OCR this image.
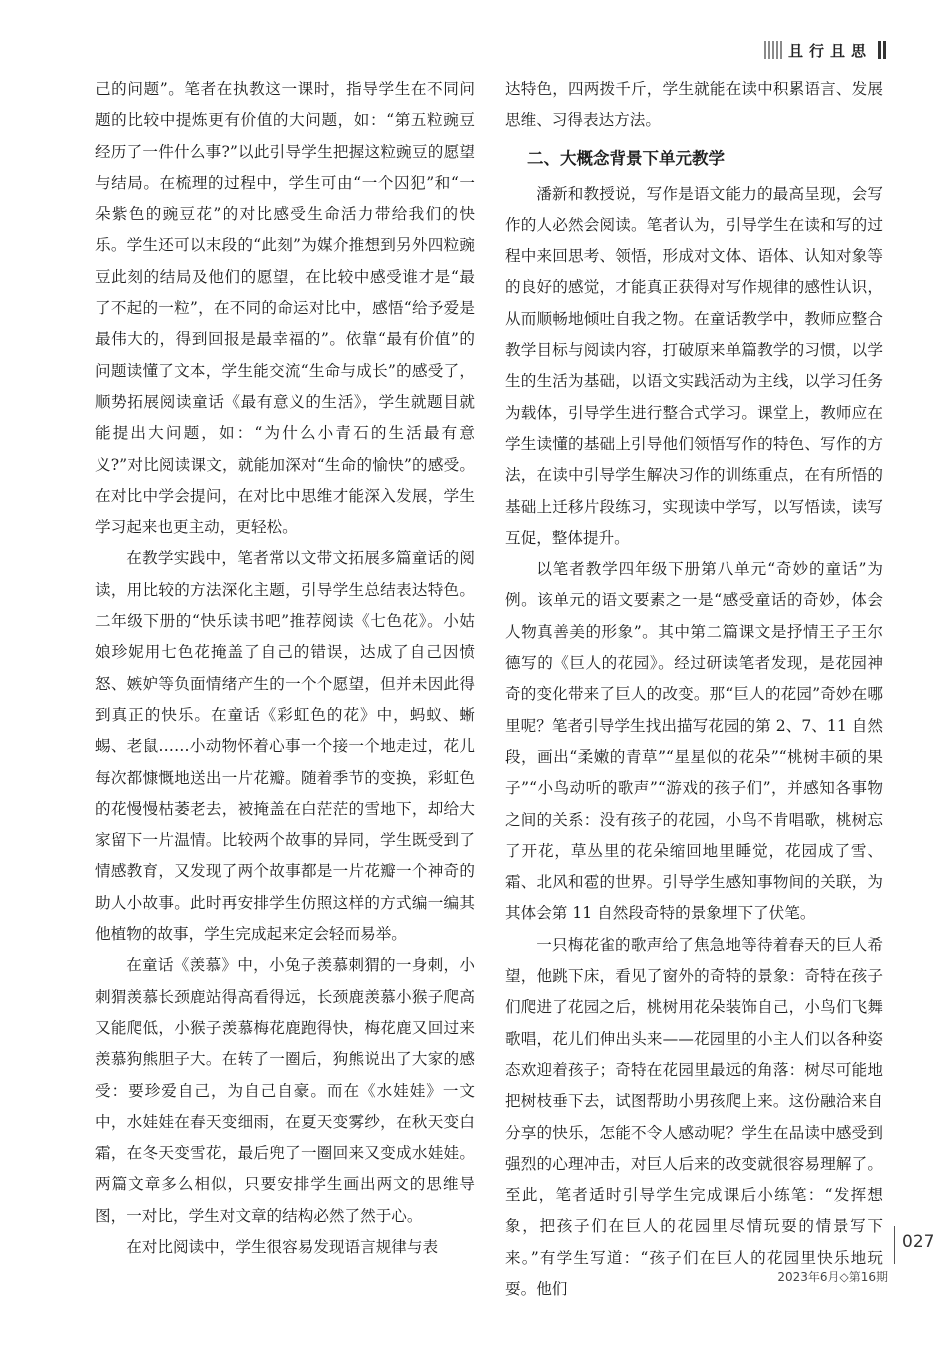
且行且思

己的问题”。笔者在执教这一课时，指导学生在不同问题的比较中提炼更有价值的大问题，如：“第五粒豌豆经历了一件什么事?”以此引导学生把握这粒豌豆的愿望与结局。在梳理的过程中，学生可由“一个囚犯”和“一朵紫色的豌豆花”的对比感受生命活力带给我们的快乐。学生还可以末段的“此刻”为媒介推想到另外四粒豌豆此刻的结局及他们的愿望，在比较中感受谁才是“最了不起的一粒”，在不同的命运对比中，感悟“给予爱是最伟大的，得到回报是最幸福的”。依靠“最有价值”的问题读懂了文本，学生能交流“生命与成长”的感受了，顺势拓展阅读童话《最有意义的生活》，学生就题目就能提出大问题，如：“为什么小青石的生活最有意义?”对比阅读课文，就能加深对“生命的愉快”的感受。在对比中学会提问，在对比中思维才能深入发展，学生学习起来也更主动，更轻松。

在教学实践中，笔者常以文带文拓展多篇童话的阅读，用比较的方法深化主题，引导学生总结表达特色。二年级下册的“快乐读书吧”推荐阅读《七色花》。小姑娘珍妮用七色花掩盖了自己的错误，达成了自己因愤怒、嫉妒等负面情绪产生的一个个愿望，但并未因此得到真正的快乐。在童话《彩虹色的花》中，蚂蚁、蜥蜴、老鼠……小动物怀着心事一个接一个地走过，花儿每次都慷慨地送出一片花瓣。随着季节的变换，彩虹色的花慢慢枯萎老去，被掩盖在白茫茫的雪地下，却给大家留下一片温情。比较两个故事的异同，学生既受到了情感教育，又发现了两个故事都是一片花瓣一个神奇的助人小故事。此时再安排学生仿照这样的方式编一编其他植物的故事，学生完成起来定会轻而易举。

在童话《羡慕》中，小兔子羡慕刺猬的一身刺，小刺猬羡慕长颈鹿站得高看得远，长颈鹿羡慕小猴子爬高又能爬低，小猴子羡慕梅花鹿跑得快，梅花鹿又回过来羡慕狗熊胆子大。在转了一圈后，狗熊说出了大家的感受：要珍爱自己，为自己自豪。而在《水娃娃》一文中，水娃娃在春天变细雨，在夏天变雾纱，在秋天变白霜，在冬天变雪花，最后兜了一圈回来又变成水娃娃。两篇文章多么相似，只要安排学生画出两文的思维导图，一对比，学生对文章的结构必然了然于心。

在对比阅读中，学生很容易发现语言规律与表

达特色，四两拨千斤，学生就能在读中积累语言、发展思维、习得表达方法。

二、大概念背景下单元教学

潘新和教授说，写作是语文能力的最高呈现，会写作的人必然会阅读。笔者认为，引导学生在读和写的过程中来回思考、领悟，形成对文体、语体、认知对象等的良好的感觉，才能真正获得对写作规律的感性认识，从而顺畅地倾吐自我之物。在童话教学中，教师应整合教学目标与阅读内容，打破原来单篇教学的习惯，以学生的生活为基础，以语文实践活动为主线，以学习任务为载体，引导学生进行整合式学习。课堂上，教师应在学生读懂的基础上引导他们领悟写作的特色、写作的方法，在读中引导学生解决习作的训练重点，在有所悟的基础上迁移片段练习，实现读中学写，以写悟读，读写互促，整体提升。

以笔者教学四年级下册第八单元“奇妙的童话”为例。该单元的语文要素之一是“感受童话的奇妙，体会人物真善美的形象”。其中第二篇课文是抒情王子王尔德写的《巨人的花园》。经过研读笔者发现，是花园神奇的变化带来了巨人的改变。那“巨人的花园”奇妙在哪里呢？笔者引导学生找出描写花园的第 2、7、11 自然段，画出“柔嫩的青草”“星星似的花朵”“桃树丰硕的果子”“小鸟动听的歌声”“游戏的孩子们”，并感知各事物之间的关系：没有孩子的花园，小鸟不肯唱歌，桃树忘了开花，草丛里的花朵缩回地里睡觉，花园成了雪、霜、北风和雹的世界。引导学生感知事物间的关联，为其体会第 11 自然段奇特的景象埋下了伏笔。

一只梅花雀的歌声给了焦急地等待着春天的巨人希望，他跳下床，看见了窗外的奇特的景象：奇特在孩子们爬进了花园之后，桃树用花朵装饰自己，小鸟们飞舞歌唱，花儿们伸出头来——花园里的小主人们以各种姿态欢迎着孩子；奇特在花园里最远的角落：树尽可能地把树枝垂下去，试图帮助小男孩爬上来。这份融洽来自分享的快乐，怎能不令人感动呢？学生在品读中感受到强烈的心理冲击，对巨人后来的改变就很容易理解了。至此，笔者适时引导学生完成课后小练笔：“发挥想象，把孩子们在巨人的花园里尽情玩耍的情景写下来。”有学生写道：“孩子们在巨人的花园里快乐地玩耍。他们

027
2023年6月◇第16期
